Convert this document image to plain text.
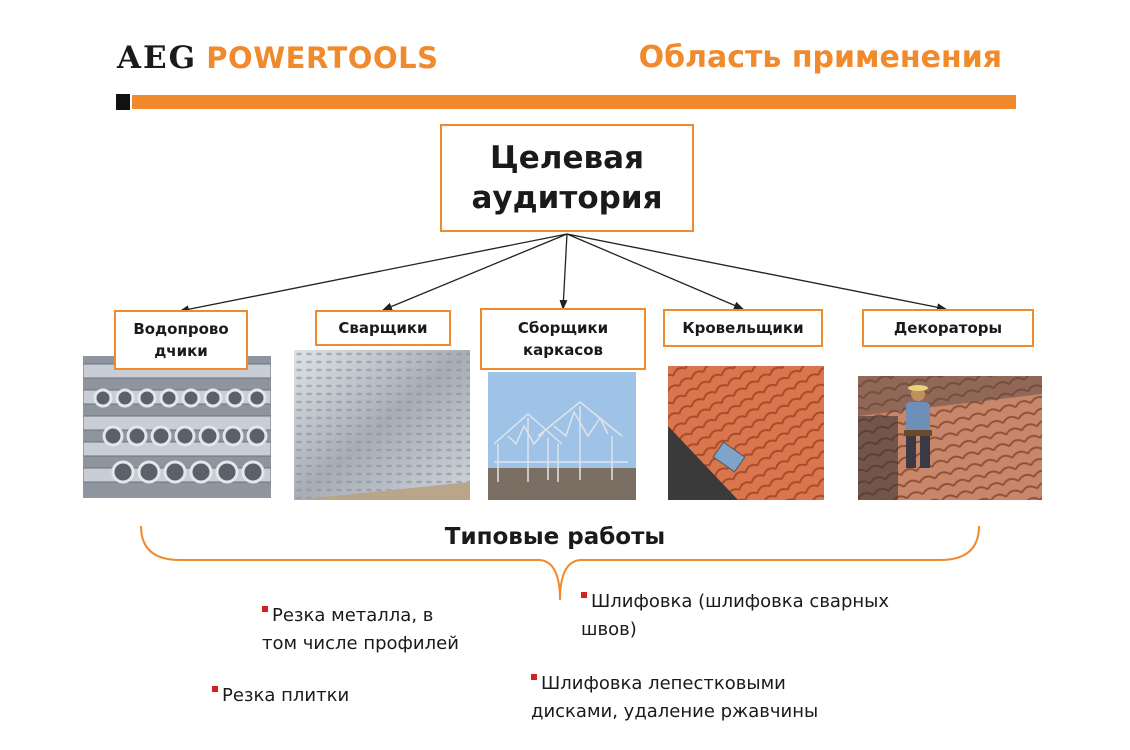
AEG POWERTOOLS	Область применения
Целевая
аудитория
Водопрово
дчики
Сварщики	Сборщики
каркасов
Кровельщики	Декораторы
Типовые работы
Резка металла, в
том числе профилей
Шлифовка (шлифовка сварных
швов)
Резка плитки
Шлифовка лепестковыми
дисками, удаление ржавчины
